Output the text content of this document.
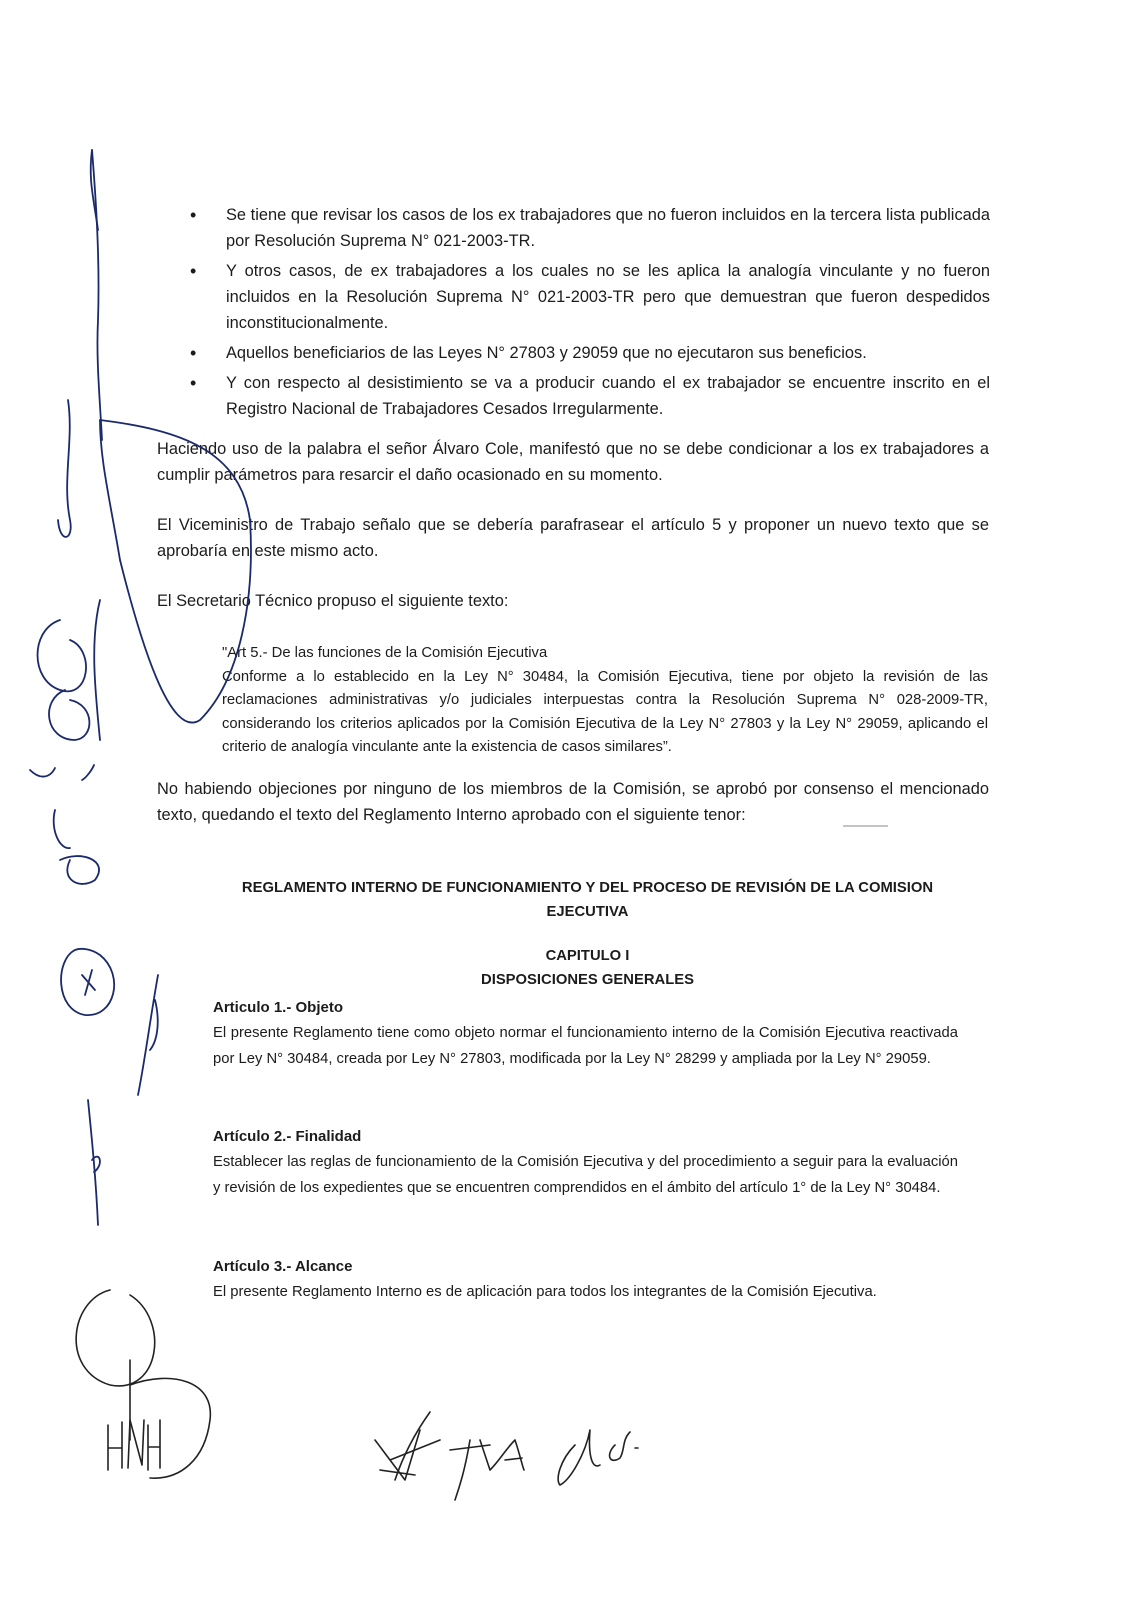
• Se tiene que revisar los casos de los ex trabajadores que no fueron incluidos en la tercera lista publicada por Resolución Suprema N° 021-2003-TR.
• Y otros casos, de ex trabajadores a los cuales no se les aplica la analogía vinculante y no fueron incluidos en la Resolución Suprema N° 021-2003-TR pero que demuestran que fueron despedidos inconstitucionalmente.
• Aquellos beneficiarios de las Leyes N° 27803 y 29059 que no ejecutaron sus beneficios.
• Y con respecto al desistimiento se va a producir cuando el ex trabajador se encuentre inscrito en el Registro Nacional de Trabajadores Cesados Irregularmente.

Haciendo uso de la palabra el señor Álvaro Cole, manifestó que no se debe condicionar a los ex trabajadores a cumplir parámetros para resarcir el daño ocasionado en su momento.

El Viceministro de Trabajo señalo que se debería parafrasear el artículo 5 y proponer un nuevo texto que se aprobaría en este mismo acto.

El Secretario Técnico propuso el siguiente texto:

"Art 5.- De las funciones de la Comisión Ejecutiva
Conforme a lo establecido en la Ley N° 30484, la Comisión Ejecutiva, tiene por objeto la revisión de las reclamaciones administrativas y/o judiciales interpuestas contra la Resolución Suprema N° 028-2009-TR, considerando los criterios aplicados por la Comisión Ejecutiva de la Ley N° 27803 y la Ley N° 29059, aplicando el criterio de analogía vinculante ante la existencia de casos similares”.

No habiendo objeciones por ninguno de los miembros de la Comisión, se aprobó por consenso el mencionado texto, quedando el texto del Reglamento Interno aprobado con el siguiente tenor:

REGLAMENTO INTERNO DE FUNCIONAMIENTO Y DEL PROCESO DE REVISIÓN DE LA COMISION EJECUTIVA

CAPITULO I

DISPOSICIONES GENERALES

Articulo 1.- Objeto

El presente Reglamento tiene como objeto normar el funcionamiento interno de la Comisión Ejecutiva reactivada por Ley N° 30484, creada por Ley N° 27803, modificada por la Ley N° 28299 y ampliada por la Ley N° 29059.

Artículo 2.- Finalidad

Establecer las reglas de funcionamiento de la Comisión Ejecutiva y del procedimiento a seguir para la evaluación y revisión de los expedientes que se encuentren comprendidos en el ámbito del artículo 1° de la Ley N° 30484.

Artículo 3.- Alcance

El presente Reglamento Interno es de aplicación para todos los integrantes de la Comisión Ejecutiva.
